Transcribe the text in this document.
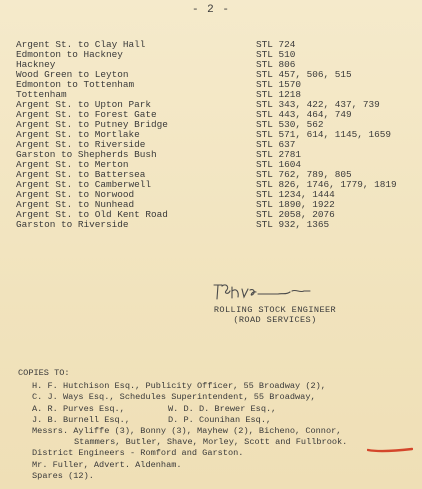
- 2 -
Argent St. to Clay Hall	STL 724
Edmonton to Hackney	STL 510
Hackney	STL 806
Wood Green to Leyton	STL 457, 506, 515
Edmonton to Tottenham	STL 1570
Tottenham	STL 1218
Argent St. to Upton Park	STL 343, 422, 437, 739
Argent St. to Forest Gate	STL 443, 464, 749
Argent St. to Putney Bridge	STL 530, 562
Argent St. to Mortlake	STL 571, 614, 1145, 1659
Argent St. to Riverside	STL 637
Garston to Shepherds Bush	STL 2781
Argent St. to Merton	STL 1604
Argent St. to Battersea	STL 762, 789, 805
Argent St. to Camberwell	STL 826, 1746, 1779, 1819
Argent St. to Norwood	STL 1234, 1444
Argent St. to Nunhead	STL 1890, 1922
Argent St. to Old Kent Road	STL 2058, 2076
Garston to Riverside	STL 932, 1365
ROLLING STOCK ENGINEER
(ROAD SERVICES)
COPIES TO:
H. F. Hutchison Esq., Publicity Officer, 55 Broadway (2),
C. J. Ways Esq., Schedules Superintendent, 55 Broadway,
A. R. Purves Esq.,	W. D. D. Brewer Esq.,
J. B. Burnell Esq.,	D. P. Counihan Esq.,
Messrs. Ayliffe (3), Bonny (3), Mayhew (2), Bicheno, Connor,
Stammers, Butler, Shave, Morley, Scott and Fullbrook.
District Engineers - Romford and Garston.
Mr. Fuller, Advert. Aldenham.
Spares (12).
